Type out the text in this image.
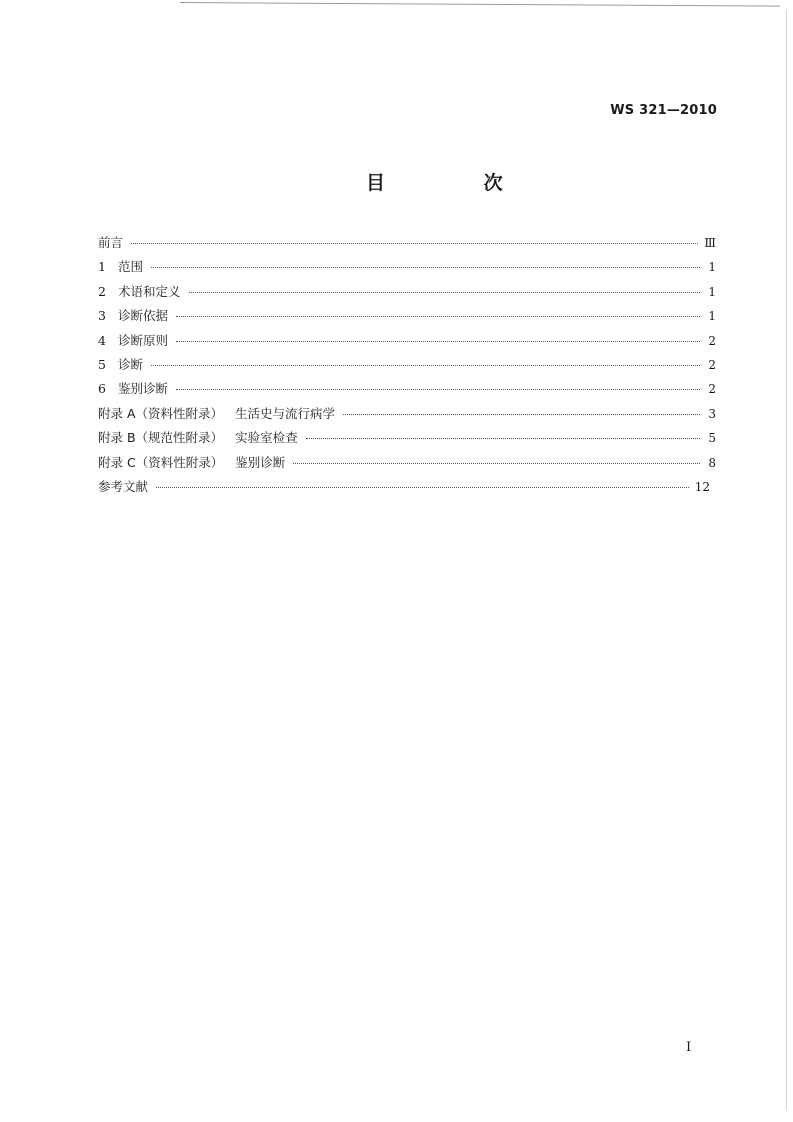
WS 321—2010
目 次
前言	Ⅲ
1 范围	1
2 术语和定义	1
3 诊断依据	1
4 诊断原则	2
5 诊断	2
6 鉴别诊断	2
附录 A（资料性附录） 生活史与流行病学	3
附录 B（规范性附录） 实验室检查	5
附录 C（资料性附录） 鉴别诊断	8
参考文献	12
Ⅰ
